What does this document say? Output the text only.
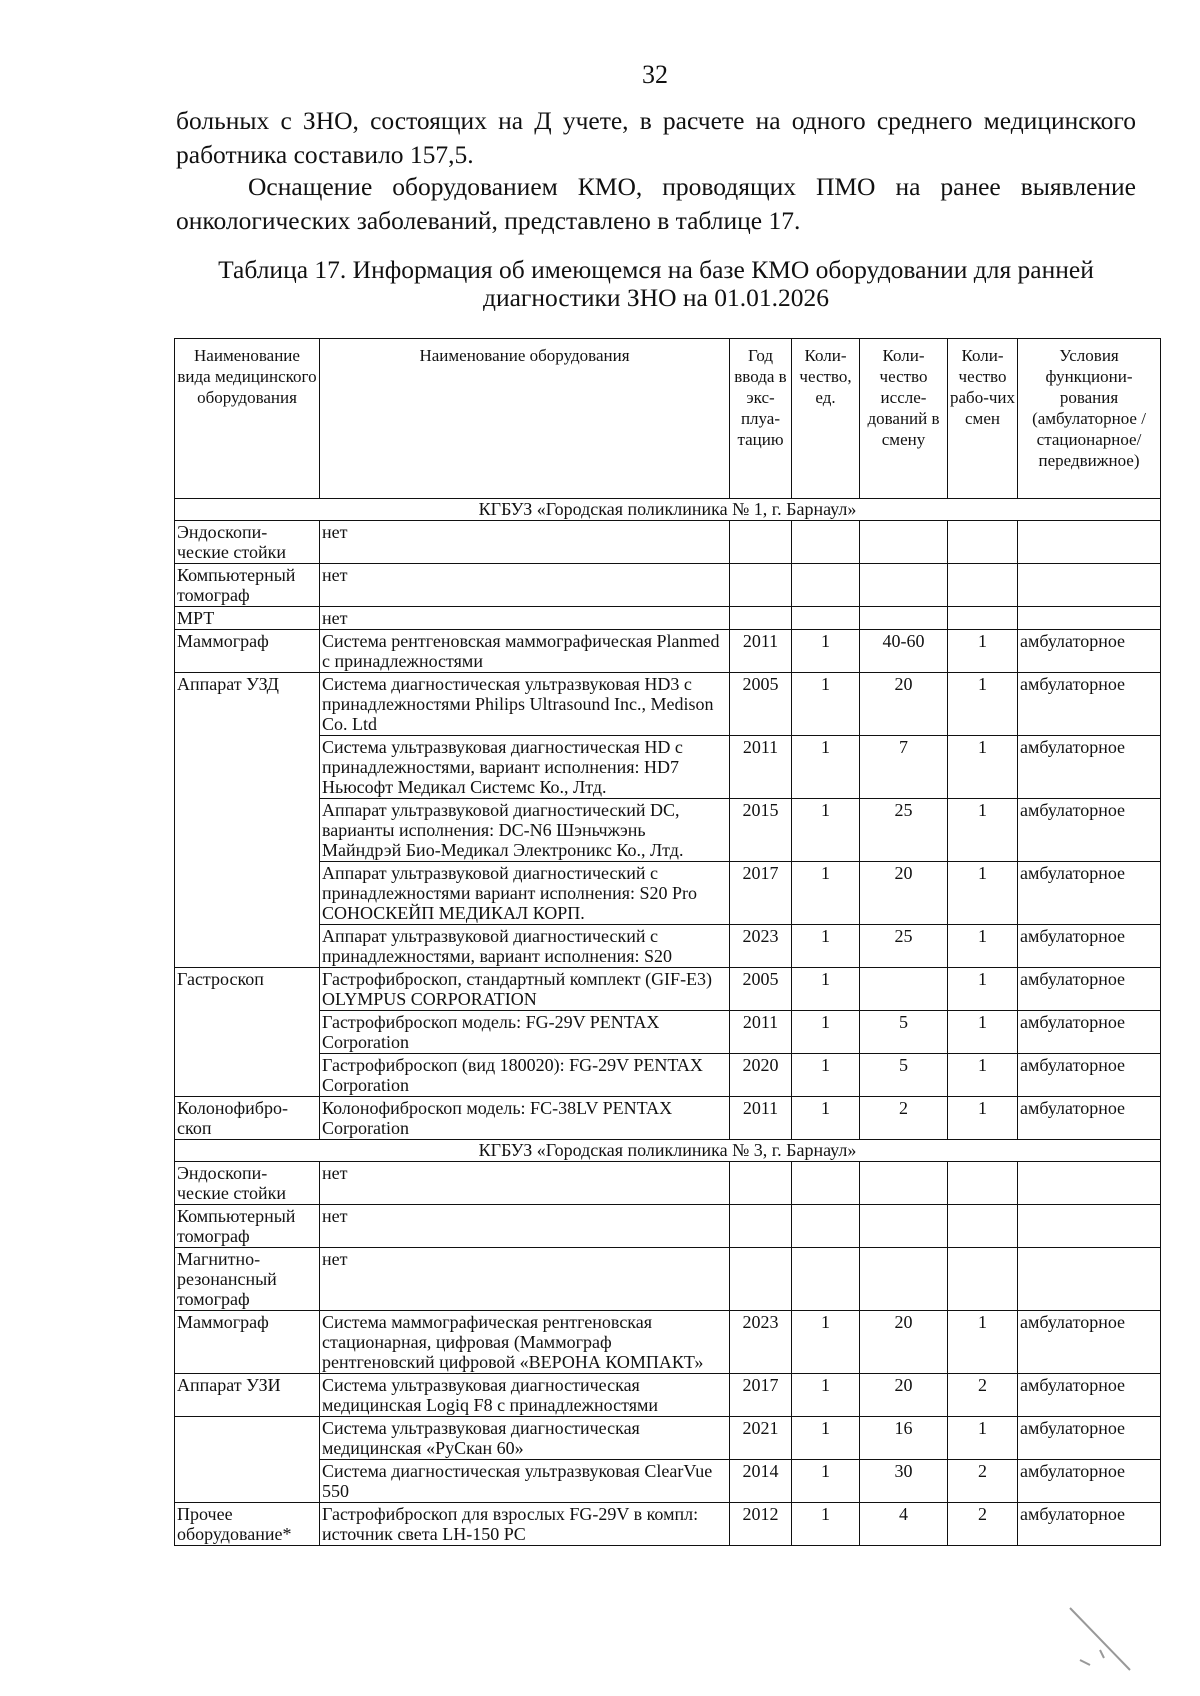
32
больных с ЗНО, состоящих на Д учете, в расчете на одного среднего медицинского работника составило 157,5.
Оснащение оборудованием КМО, проводящих ПМО на ранее выявление онкологических заболеваний, представлено в таблице 17.
Таблица 17. Информация об имеющемся на базе КМО оборудовании для ранней диагностики ЗНО на 01.01.2026
Наименование вида медицинского оборудования	Наименование оборудования	Год ввода в экс-плуа-тацию	Коли-чество, ед.	Коли-чество иссле-дований в смену	Коли-чество рабо-чих смен	Условия функциони-рования (амбулаторное / стационарное/ передвижное)
КГБУЗ «Городская поликлиника № 1, г. Барнаул»						
Эндоскопи-ческие стойки	нет					
Компьютерный томограф	нет					
МРТ	нет					
Маммограф	Система рентгеновская маммографическая Planmed с принадлежностями	2011	1	40-60	1	амбулаторное
Аппарат УЗД	Система диагностическая ультразвуковая HD3 с принадлежностями Philips Ultrasound Inc., Medison Co. Ltd	2005	1	20	1	амбулаторное
	Система ультразвуковая диагностическая HD с принадлежностями, вариант исполнения: HD7 Ньюсофт Медикал Системс Ко., Лтд.	2011	1	7	1	амбулаторное
	Аппарат ультразвуковой диагностический DC, варианты исполнения: DC-N6 Шэньчжэнь Майндрэй Био-Медикал Электроникс Ко., Лтд.	2015	1	25	1	амбулаторное
	Аппарат ультразвуковой диагностический с принадлежностями вариант исполнения: S20 Pro СОНОСКЕЙП МЕДИКАЛ КОРП.	2017	1	20	1	амбулаторное
	Аппарат ультразвуковой диагностический с принадлежностями, вариант исполнения: S20	2023	1	25	1	амбулаторное
Гастроскоп	Гастрофиброскоп, стандартный комплект (GIF-E3) OLYMPUS CORPORATION	2005	1		1	амбулаторное
	Гастрофиброскоп модель: FG-29V PENTAX Corporation	2011	1	5	1	амбулаторное
	Гастрофиброскоп (вид 180020): FG-29V PENTAX Corporation	2020	1	5	1	амбулаторное
Колонофибро-скоп	Колонофиброскоп модель: FC-38LV PENTAX Corporation	2011	1	2	1	амбулаторное
КГБУЗ «Городская поликлиника № 3, г. Барнаул»						
Эндоскопи-ческие стойки	нет					
Компьютерный томограф	нет					
Магнитно-резонансный томограф	нет					
Маммограф	Система маммографическая рентгеновская стационарная, цифровая (Маммограф рентгеновский цифровой «ВЕРОНА КОМПАКТ»	2023	1	20	1	амбулаторное
Аппарат УЗИ	Система ультразвуковая диагностическая медицинская Logiq F8 с принадлежностями	2017	1	20	2	амбулаторное
	Система ультразвуковая диагностическая медицинская «РуСкан 60»	2021	1	16	1	амбулаторное
	Система диагностическая ультразвуковая ClearVue 550	2014	1	30	2	амбулаторное
Прочее оборудование*	Гастрофиброскоп для взрослых FG-29V в компл: источник света LH-150 PC	2012	1	4	2	амбулаторное
